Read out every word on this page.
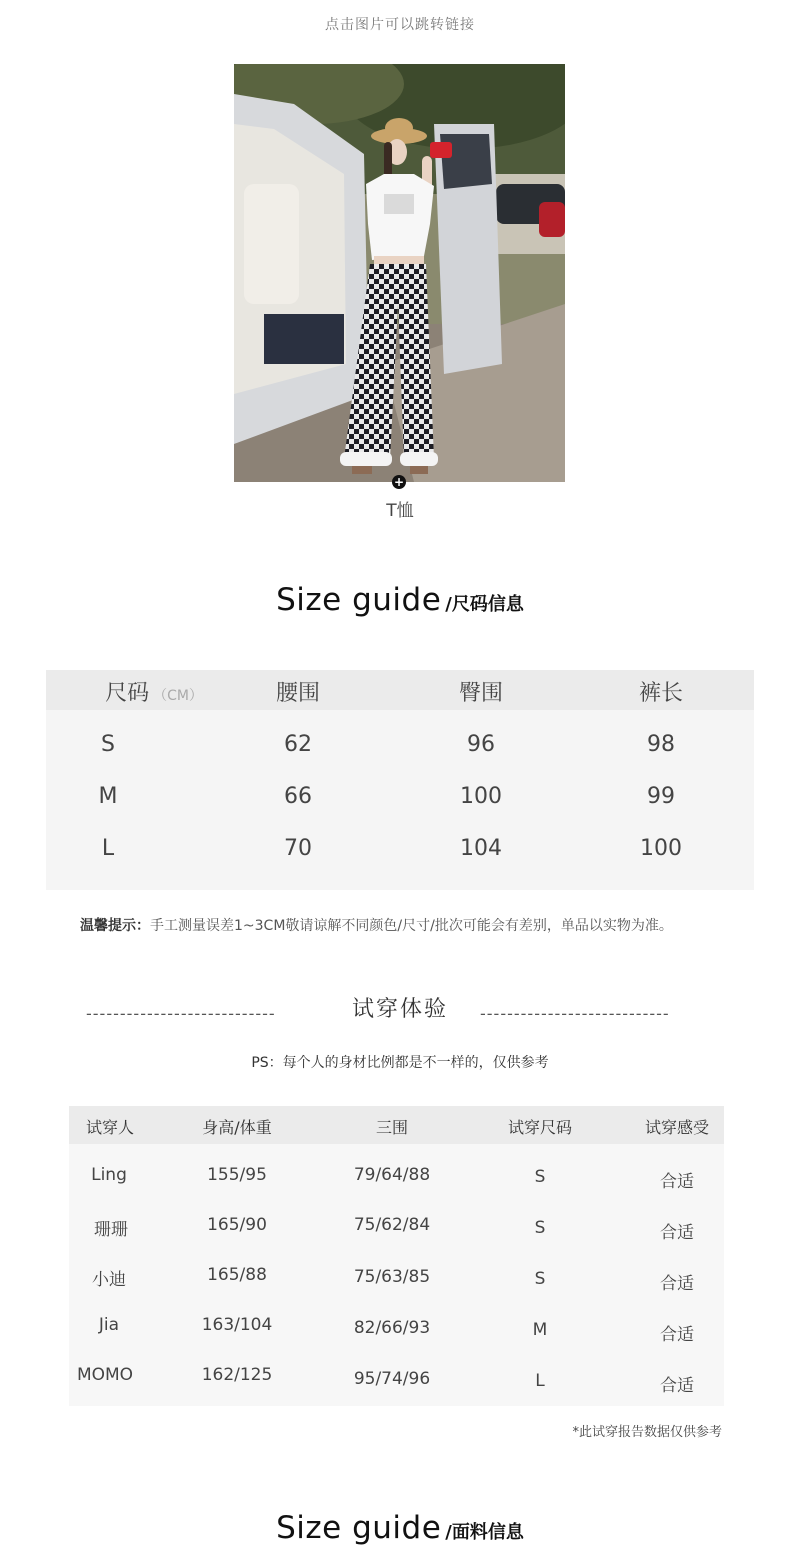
点击图片可以跳转链接
+
T恤
Size guide /尺码信息
尺码 （CM）	腰围	臀围	裤长
S	62	96	98
M	66	100	99
L	70	104	100
温馨提示：手工测量误差1~3CM敬请谅解不同颜色/尺寸/批次可能会有差别，单品以实物为准。
----------------------------	试穿体验	----------------------------
PS：每个人的身材比例都是不一样的，仅供参考
试穿人	身高/体重	三围	试穿尺码	试穿感受
Ling	155/95	79/64/88	S	合适
珊珊	165/90	75/62/84	S	合适
小迪	165/88	75/63/85	S	合适
Jia	163/104	82/66/93	M	合适
MOMO	162/125	95/74/96	L	合适
*此试穿报告数据仅供参考
Size guide /面料信息
